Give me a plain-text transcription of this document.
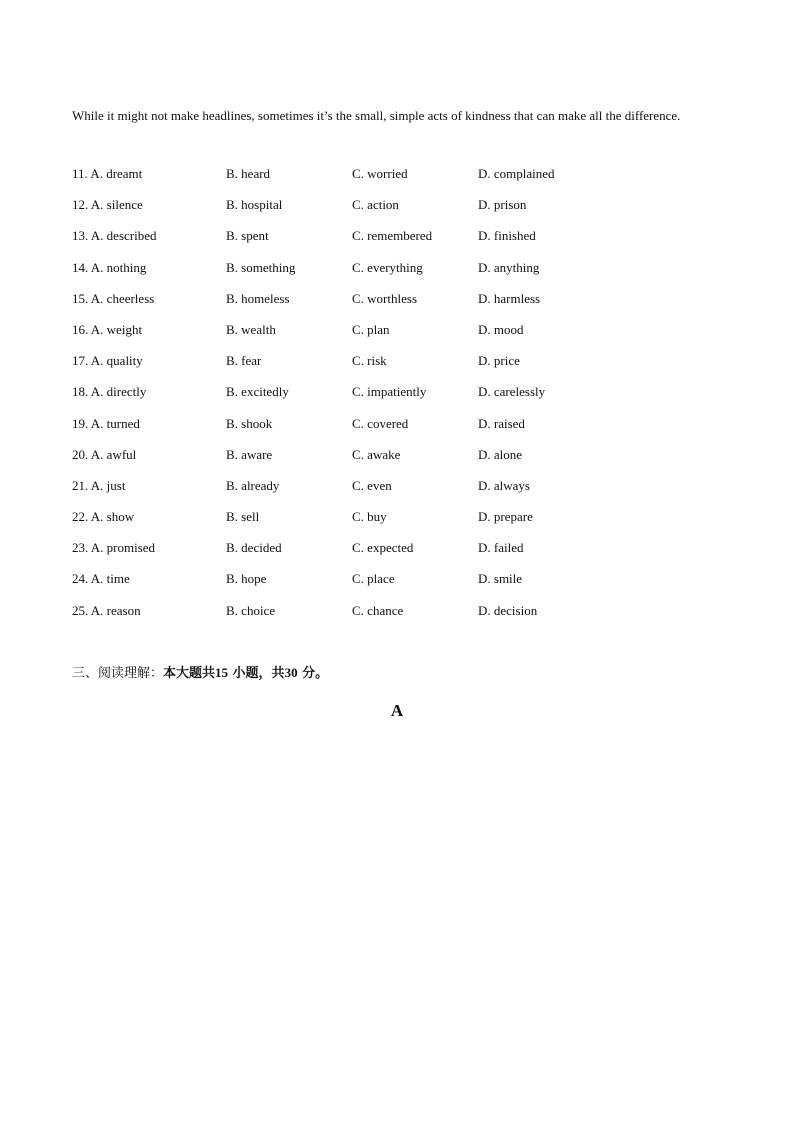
While it might not make headlines, sometimes it’s the small, simple acts of kindness that can make all the difference.
11. A. dreamt	B. heard	C. worried	D. complained
12. A. silence	B. hospital	C. action	D. prison
13. A. described	B. spent	C. remembered	D. finished
14. A. nothing	B. something	C. everything	D. anything
15. A. cheerless	B. homeless	C. worthless	D. harmless
16. A. weight	B. wealth	C. plan	D. mood
17. A. quality	B. fear	C. risk	D. price
18. A. directly	B. excitedly	C. impatiently	D. carelessly
19. A. turned	B. shook	C. covered	D. raised
20. A. awful	B. aware	C. awake	D. alone
21. A. just	B. already	C. even	D. always
22. A. show	B. sell	C. buy	D. prepare
23. A. promised	B. decided	C. expected	D. failed
24. A. time	B. hope	C. place	D. smile
25. A. reason	B. choice	C. chance	D. decision
三、阅读理解：本大题共15 小题，共30 分。
A
